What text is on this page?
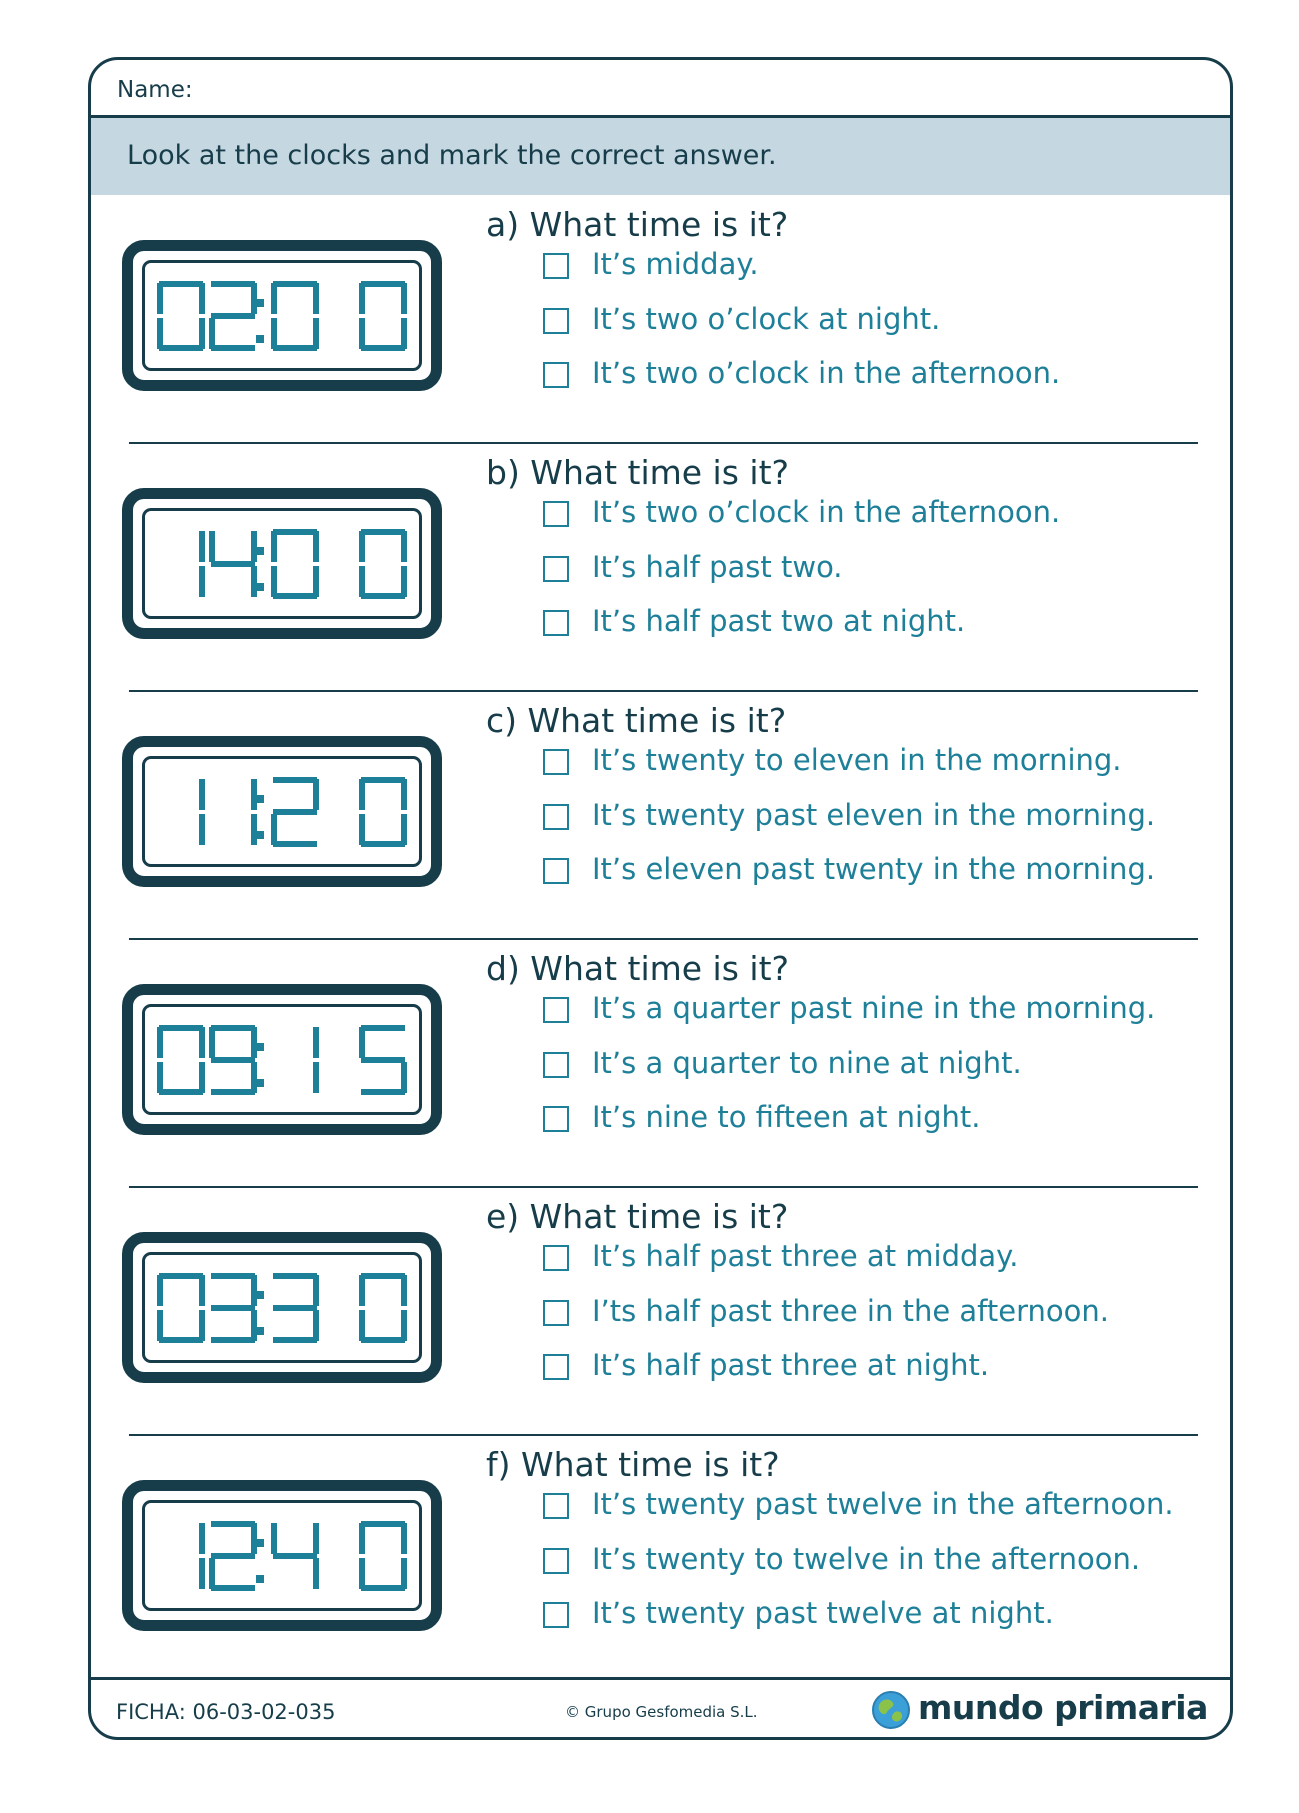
Name:
Look at the clocks and mark the correct answer.
a) What time is it?
It’s midday.
It’s two o’clock at night.
It’s two o’clock in the afternoon.
b) What time is it?
It’s two o’clock in the afternoon.
It’s half past two.
It’s half past two at night.
c) What time is it?
It’s twenty to eleven in the morning.
It’s twenty past eleven in the morning.
It’s eleven past twenty in the morning.
d) What time is it?
It’s a quarter past nine in the morning.
It’s a quarter to nine at night.
It’s nine to fifteen at night.
e) What time is it?
It’s half past three at midday.
I’ts half past three in the afternoon.
It’s half past three at night.
f) What time is it?
It’s twenty past twelve in the afternoon.
It’s twenty to twelve in the afternoon.
It’s twenty past twelve at night.
FICHA: 06-03-02-035	© Grupo Gesfomedia S.L.	mundo primaria
